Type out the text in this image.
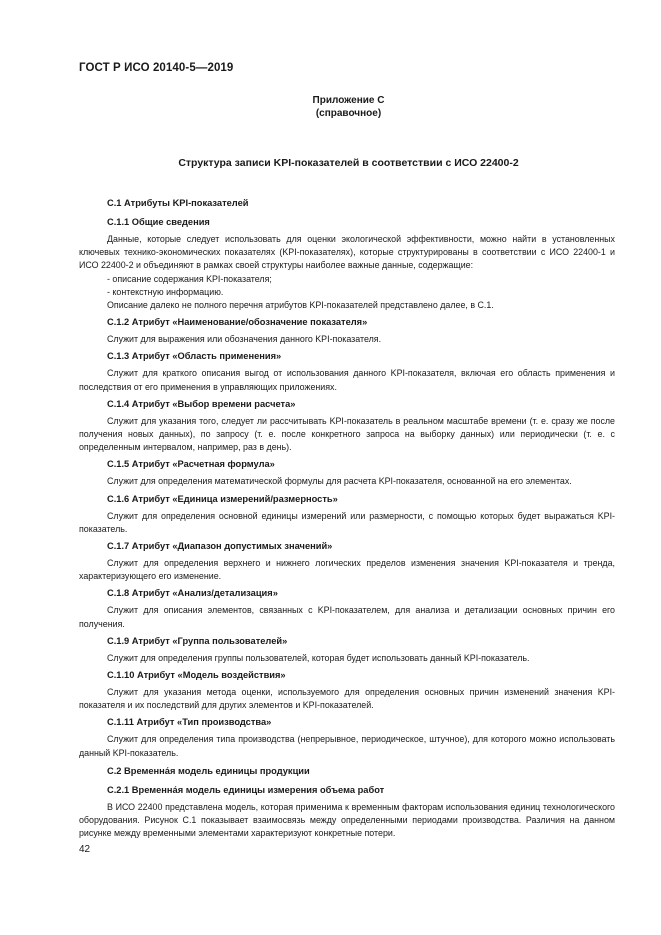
ГОСТ Р ИСО 20140-5—2019
Приложение С
(справочное)
Структура записи KPI-показателей в соответствии с ИСО 22400-2
С.1 Атрибуты KPI-показателей
С.1.1 Общие сведения

Данные, которые следует использовать для оценки экологической эффективности, можно найти в установленных ключевых технико-экономических показателях (KPI-показателях), которые структурированы в соответствии с ИСО 22400-1 и ИСО 22400-2 и объединяют в рамках своей структуры наиболее важные данные, содержащие:

- описание содержания KPI-показателя;
- контекстную информацию.

Описание далеко не полного перечня атрибутов KPI-показателей представлено далее, в С.1.

С.1.2 Атрибут «Наименование/обозначение показателя»

Служит для выражения или обозначения данного KPI-показателя.

С.1.3 Атрибут «Область применения»

Служит для краткого описания выгод от использования данного KPI-показателя, включая его область применения и последствия от его применения в управляющих приложениях.

С.1.4 Атрибут «Выбор времени расчета»

Служит для указания того, следует ли рассчитывать KPI-показатель в реальном масштабе времени (т. е. сразу же после получения новых данных), по запросу (т. е. после конкретного запроса на выборку данных) или периодически (т. е. с определенным интервалом, например, раз в день).

С.1.5 Атрибут «Расчетная формула»

Служит для определения математической формулы для расчета KPI-показателя, основанной на его элементах.

С.1.6 Атрибут «Единица измерений/размерность»

Служит для определения основной единицы измерений или размерности, с помощью которых будет выражаться KPI-показатель.

С.1.7 Атрибут «Диапазон допустимых значений»

Служит для определения верхнего и нижнего логических пределов изменения значения KPI-показателя и тренда, характеризующего его изменение.

С.1.8 Атрибут «Анализ/детализация»

Служит для описания элементов, связанных с KPI-показателем, для анализа и детализации основных причин его получения.

С.1.9 Атрибут «Группа пользователей»

Служит для определения группы пользователей, которая будет использовать данный KPI-показатель.

С.1.10 Атрибут «Модель воздействия»

Служит для указания метода оценки, используемого для определения основных причин изменений значения KPI-показателя и их последствий для других элементов и KPI-показателей.

С.1.11 Атрибут «Тип производства»

Служит для определения типа производства (непрерывное, периодическое, штучное), для которого можно использовать данный KPI-показатель.

С.2 Временна́я модель единицы продукции
С.2.1 Временна́я модель единицы измерения объема работ

В ИСО 22400 представлена модель, которая применима к временным факторам использования единиц технологического оборудования. Рисунок С.1 показывает взаимосвязь между определенными периодами производства. Различия на данном рисунке между временными элементами характеризуют конкретные потери.

42
